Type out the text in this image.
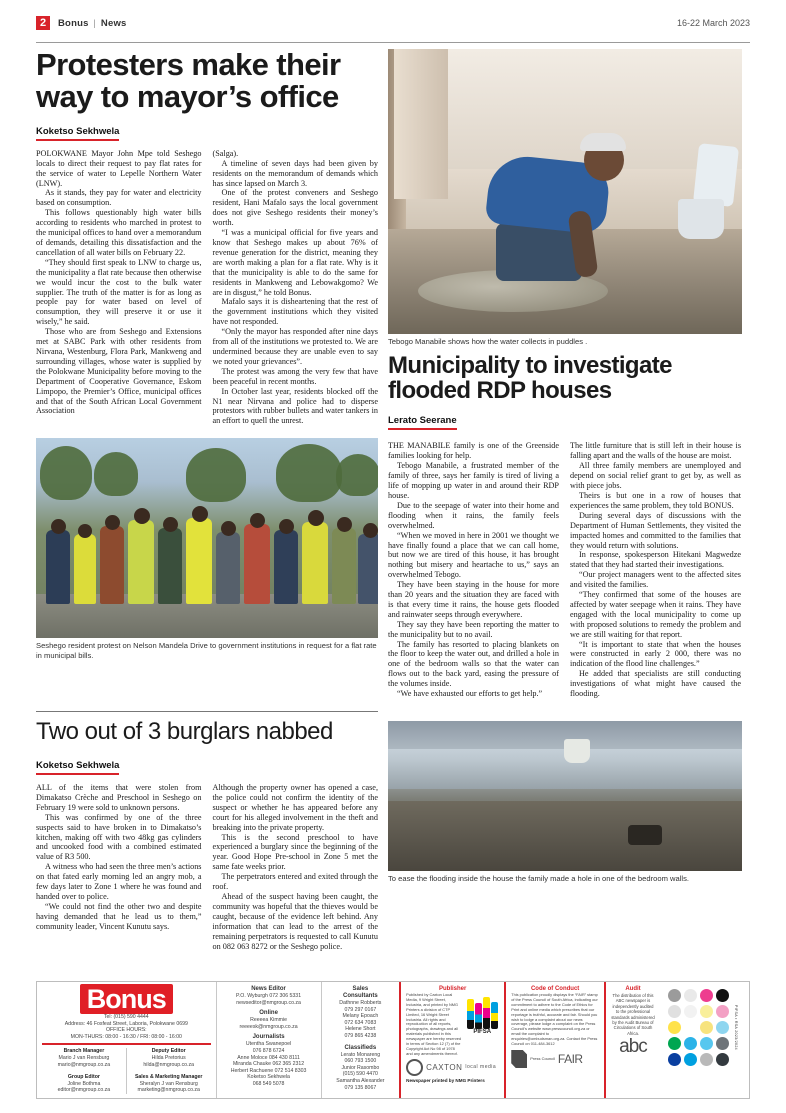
2	Bonus | News	16-22 March 2023
Protesters make their way to mayor’s office
Koketso Sekhwela

POLOKWANE Mayor John Mpe told Seshego locals to direct their request to pay flat rates for the service of water to Lepelle Northern Water (LNW).

As it stands, they pay for water and electricity based on consumption.

This follows questionably high water bills according to residents who marched in protest to the municipal offices to hand over a memorandum of demands, detailing this dissatisfaction and the cancellation of all water bills on February 22.

“They should first speak to LNW to charge us, the municipality a flat rate because then otherwise we would incur the cost to the bulk water supplier. The truth of the matter is for as long as people pay for water based on level of consumption, they will preserve it or use it wisely,” he said.

Those who are from Seshego and Extensions met at SABC Park with other residents from Nirvana, Westenburg, Flora Park, Mankweng and surrounding villages, whose water is supplied by the Polokwane Municipality before moving to the Department of Cooperative Governance, Eskom Limpopo, the Premier’s Office, municipal offices and that of the South African Local Government Association

(Salga).

A timeline of seven days had been given by residents on the memorandum of demands which has since lapsed on March 3.

One of the protest conveners and Seshego resident, Hani Mafalo says the local government does not give Seshego residents their money’s worth.

“I was a municipal official for five years and know that Seshego makes up about 76% of revenue generation for the district, meaning they are worth making a plan for a flat rate. Why is it that the municipality is able to do the same for residents in Mankweng and Lebowakgomo? We are in disgust,” he told Bonus.

Mafalo says it is disheartening that the rest of the government institutions which they visited have not responded.

“Only the mayor has responded after nine days from all of the institutions we protested to. We are undermined because they are unable even to say we noted your grievances”.

The protest was among the very few that have been peaceful in recent months.

In October last year, residents blocked off the N1 near Nirvana and police had to disperse protestors with rubber bullets and water tankers in an effort to quell the unrest.

Tebogo Manabile shows how the water collects in puddles .
Municipality to investigate flooded RDP houses
Lerato Seerane
Seshego resident protest on Nelson Mandela Drive to government institutions in request for a flat rate in municipal bills.

THE MANABILE family is one of the Greenside families looking for help.

Tebogo Manabile, a frustrated member of the family of three, says her family is tired of living a life of mopping up water in and around their RDP house.

Due to the seepage of water into their home and flooding when it rains, the family feels overwhelmed.

“When we moved in here in 2001 we thought we have finally found a place that we can call home, but now we are tired of this house, it has brought nothing but misery and heartache to us,” says an overwhelmed Tebogo.

They have been staying in the house for more than 20 years and the situation they are faced with is that every time it rains, the house gets flooded and rainwater seeps through everywhere.

They say they have been reporting the matter to the municipality but to no avail.

The family has resorted to placing blankets on the floor to keep the water out, and drilled a hole in one of the bedroom walls so that the water can flows out to the back yard, easing the pressure of the volumes inside.

“We have exhausted our efforts to get help.”

The little furniture that is still left in their house is falling apart and the walls of the house are moist.

All three family members are unemployed and depend on social relief grant to get by, as well as with piece jobs.

Theirs is but one in a row of houses that experiences the same problem, they told BONUS.

During several days of discussions with the Department of Human Settlements, they visited the impacted homes and committed to the families that they would return with solutions.

In response, spokesperson Hitekani Magwedze stated that they had started their investigations.

“Our project managers went to the affected sites and visited the families.

“They confirmed that some of the houses are affected by water seepage when it rains. They have engaged with the local municipality to come up with proposed solutions to remedy the problem and we are still waiting for that report.

“It is important to state that when the houses were constructed in early 2 000, there was no indication of the flood line challenges.”

He added that specialists are still conducting investigations of what might have caused the flooding.

Two out of 3 burglars nabbed
Koketso Sekhwela

ALL of the items that were stolen from Dimakatso Crèche and Preschool in Seshego on February 19 were sold to unknown persons.

This was confirmed by one of the three suspects said to have broken in to Dimakatso’s kitchen, making off with two 48kg gas cylinders and uncooked food with a combined estimated value of R3 500.

A witness who had seen the three men’s actions on that fated early morning led an angry mob, a few days later to Zone 1 where he was found and handed over to police.

“We could not find the other two and despite having demanded that he lead us to them,” community leader, Vincent Kunutu says.

Although the property owner has opened a case, the police could not confirm the identity of the suspect or whether he has appeared before any court for his alleged involvement in the theft and breaking into the private property.

This is the second preschool to have experienced a burglary since the beginning of the year. Good Hope Pre-school in Zone 5 met the same fate weeks prior.

The perpetrators entered and exited through the roof.

Ahead of the suspect having been caught, the community was hopeful that the thieves would be caught, because of the evidence left behind. Any information that can lead to the arrest of the remaining perpetrators is requested to call Kunutu on 082 063 8272 or the Seshego police.

To ease the flooding inside the house the family made a hole in one of the bedroom walls.
Bonus
Tel: (015) 590 4444
Address: 46 Fosfeat Street, Laboria, Polokwane 0699
OFFICE HOURS:
MON-THURS: 08:00 - 16:30 / FRI: 08:00 - 16:00
Branch Manager
Mario J van Rensburg
mario@nmgroup.co.za
Group Editor
Joline Bothma
editor@nmgroup.co.za
Deputy Editor
Hilda Pretorius
hilda@nmgroup.co.za
Sales & Marketing Manager
Sheralyn J van Rensburg
marketing@nmgroup.co.za
News Editor
P.O. Wyburgh 072 306 5331
newseditor@nmgroup.co.za
Online
Reeeea Kimmie
reeeesk@nmgroup.co.za
Journalists
Utentha Swanepoel
076 878 6724
Anne Moloce 084 430 8111
Miranda Chauke 062 365 2312
Herbert Rachuene 072 514 8303
Koketso Sekhwela
068 549 5078
Sales
Consultants
Dathnne Robberts
079 297 0167
Melany Epoach
072 634 7083
Helene Short
079 865 4238
Classifieds
Lerato Monareng
060 793 1500
Junior Rasombo
(015) 590 4470
Samantha Alexander
079 135 8067
Publisher
Published by Caxton Local Media, 9 Wright Street, Industria, and printed by NMG Printers a division of CTP Limited, 16 Wright Street Industria. All rights and reproduction of all reports, photographs, drawings and all materials published in this newspaper are hereby reserved in terms of Section 12 (7) of the Copyright Act No 98 of 1978 and any amendments thereof.
PIFSA
CAXTON local media
Newspaper printed by NMG Printers
Code of Conduct
This publication proudly displays the “FAIR” stamp of the Press Council of South Africa, indicating our commitment to adhere to the Code of Ethics for Print and online media which prescribes that our reportage is truthful, accurate and fair. Should you wish to lodge a complaint about our news coverage, please lodge a complaint on the Press Council’s website www.presscouncil.org.za or email the complaint to enquiries@ombudsman.org.za. Contact the Press Council on 011-484-3612
Press Council FAIR
Audit
The distribution of this ABC newspaper is independently audited to the professional standards administered by the Audit Bureau of Circulations of South Africa.
abc	PIFSA • RSA 2023/2024
